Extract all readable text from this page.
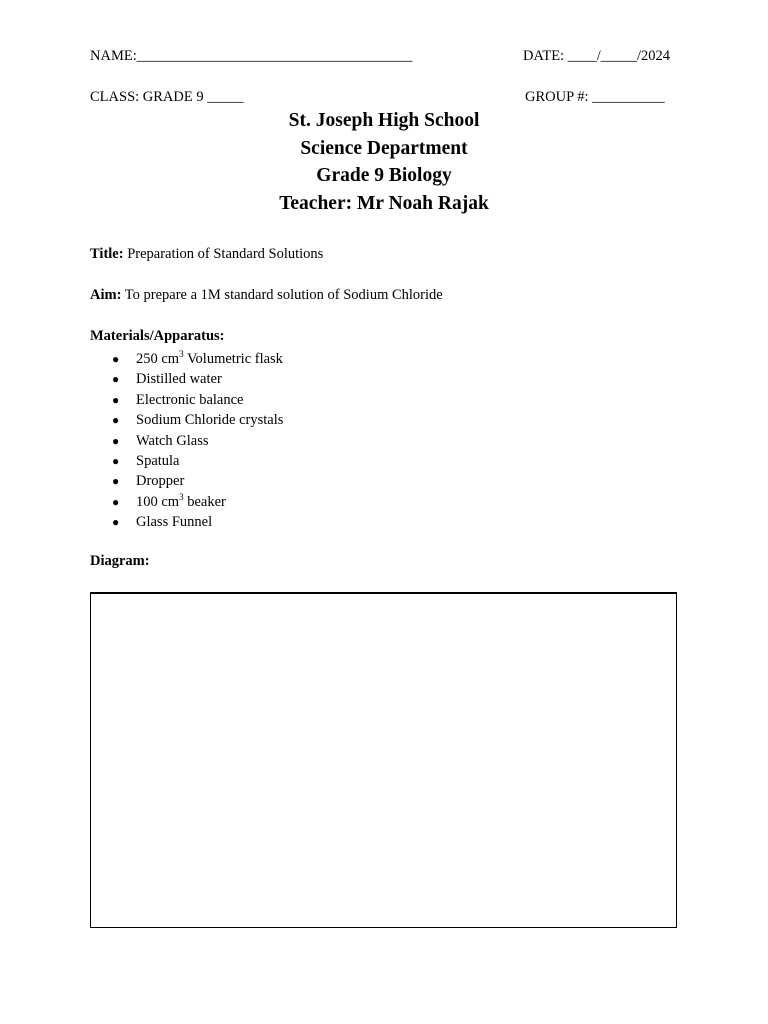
NAME:______________________________________	DATE: ____/_____/2024
CLASS: GRADE 9 _____	GROUP #: __________
St. Joseph High School
Science Department
Grade 9 Biology
Teacher: Mr Noah Rajak
Title: Preparation of Standard Solutions
Aim: To prepare a 1M standard solution of Sodium Chloride
Materials/Apparatus:
● 250 $cm^3$ Volumetric flask
● Distilled water
● Electronic balance
● Sodium Chloride crystals
● Watch Glass
● Spatula
● Dropper
● 100 $cm^3$ beaker
● Glass Funnel
Diagram:
